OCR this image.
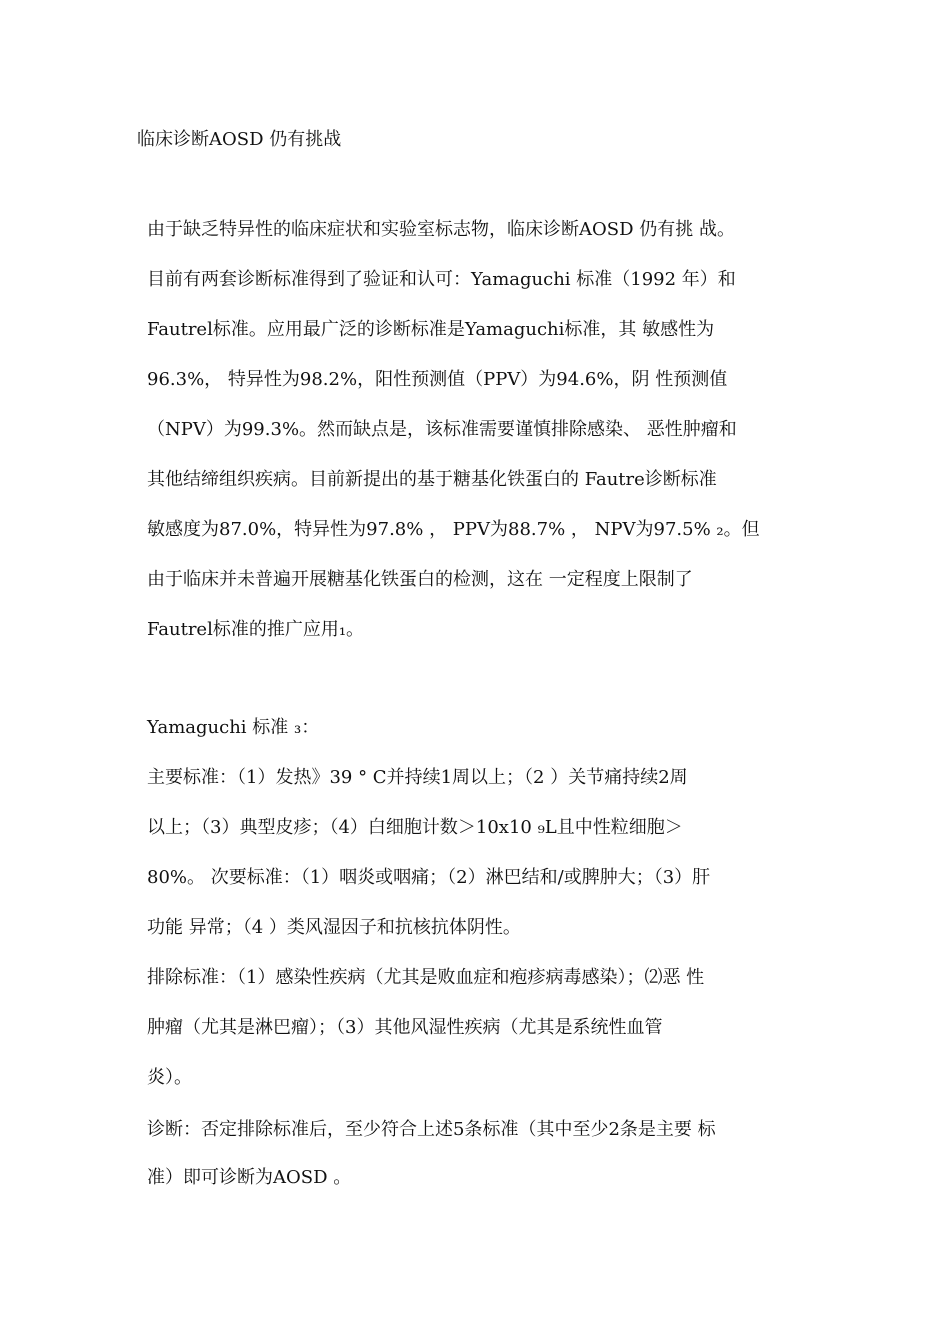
临床诊断AOSD 仍有挑战
由于缺乏特异性的临床症状和实验室标志物，临床诊断AOSD 仍有挑 战。
目前有两套诊断标准得到了验证和认可：Yamaguchi 标准（1992 年）和
Fautrel标准。应用最广泛的诊断标准是Yamaguchi标准，其 敏感性为
96.3%， 特异性为98.2%，阳性预测值（PPV）为94.6%，阴 性预测值
（NPV）为99.3%。然而缺点是，该标准需要谨慎排除感染、 恶性肿瘤和
其他结缔组织疾病。目前新提出的基于糖基化铁蛋白的 Fautre诊断标准
敏感度为87.0%，特异性为97.8% ， PPV为88.7% ， NPV为97.5% ₂。但
由于临床并未普遍开展糖基化铁蛋白的检测，这在 一定程度上限制了
Fautrel标准的推广应用₁。
Yamaguchi 标准 ₃：
主要标准：（1）发热》39 ° C并持续1周以上；（2 ）关节痛持续2周
以上；（3）典型皮疹；（4）白细胞计数＞10x10 ₉L且中性粒细胞＞
80%。 次要标准：（1）咽炎或咽痛；（2）淋巴结和/或脾肿大；（3）肝
功能 异常；（4 ）类风湿因子和抗核抗体阴性。
排除标准：（1）感染性疾病（尤其是败血症和疱疹病毒感染）；⑵恶 性
肿瘤（尤其是淋巴瘤）；（3）其他风湿性疾病（尤其是系统性血管
炎）。
诊断：否定排除标准后，至少符合上述5条标准（其中至少2条是主要 标
准）即可诊断为AOSD 。
